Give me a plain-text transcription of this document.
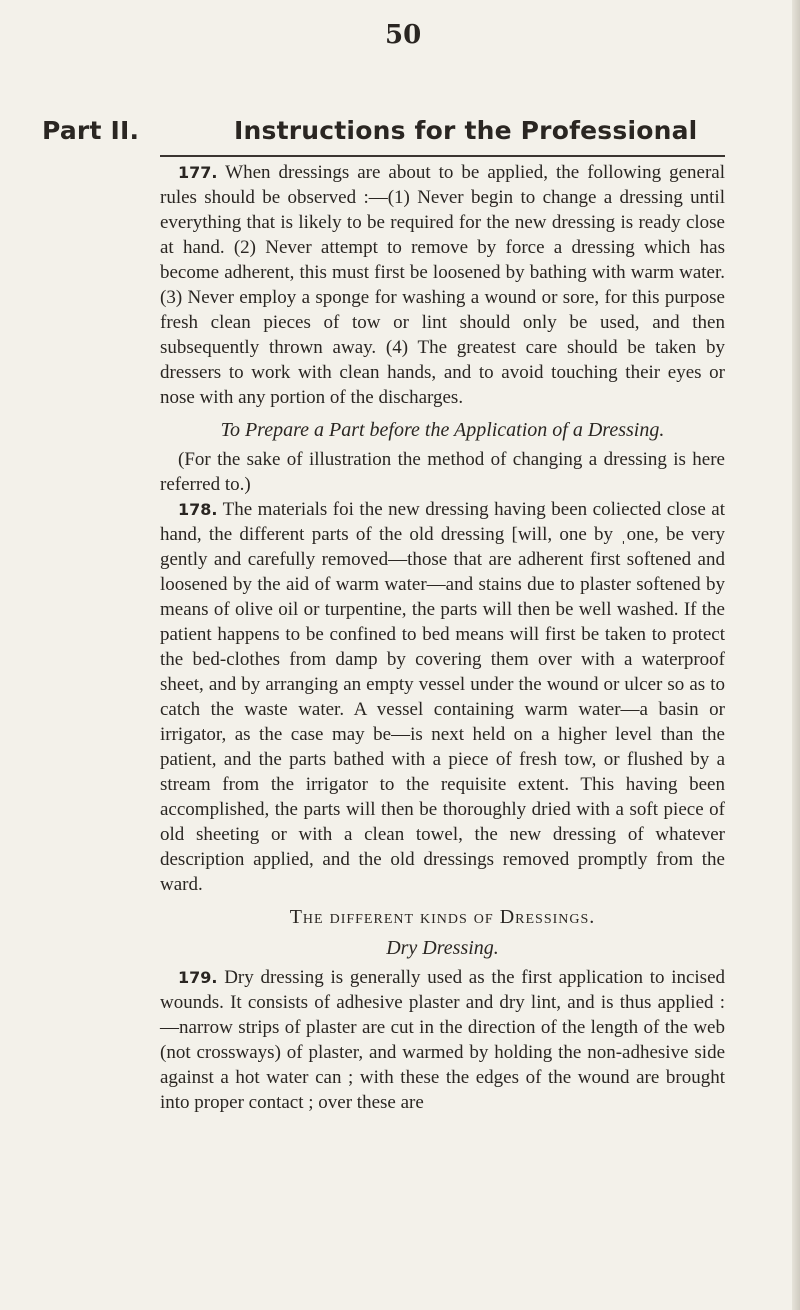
50
Part II.	Instructions for the Professional

177. When dressings are about to be applied, the following general rules should be observed :—(1) Never begin to change a dressing until everything that is likely to be required for the new dressing is ready close at hand. (2) Never attempt to remove by force a dressing which has become adherent, this must first be loosened by bathing with warm water. (3) Never employ a sponge for washing a wound or sore, for this purpose fresh clean pieces of tow or lint should only be used, and then subsequently thrown away. (4) The greatest care should be taken by dressers to work with clean hands, and to avoid touching their eyes or nose with any portion of the discharges.

To Prepare a Part before the Application of a Dressing.

(For the sake of illustration the method of changing a dressing is here referred to.)

178. The materials foi the new dressing having been coliected close at hand, the different parts of the old dressing [will, one by ˌone, be very gently and carefully removed—those that are adherent first softened and loosened by the aid of warm water—and stains due to plaster softened by means of olive oil or turpentine, the parts will then be well washed. If the patient happens to be confined to bed means will first be taken to protect the bed-clothes from damp by covering them over with a waterproof sheet, and by arranging an empty vessel under the wound or ulcer so as to catch the waste water. A vessel containing warm water—a basin or irrigator, as the case may be—is next held on a higher level than the patient, and the parts bathed with a piece of fresh tow, or flushed by a stream from the irrigator to the requisite extent. This having been accomplished, the parts will then be thoroughly dried with a soft piece of old sheeting or with a clean towel, the new dressing of whatever description applied, and the old dressings removed promptly from the ward.

The different kinds of Dressings.

Dry Dressing.

179. Dry dressing is generally used as the first application to incised wounds. It consists of adhesive plaster and dry lint, and is thus applied :—narrow strips of plaster are cut in the direction of the length of the web (not crossways) of plaster, and warmed by holding the non-adhesive side against a hot water can ; with these the edges of the wound are brought into proper contact ; over these are
